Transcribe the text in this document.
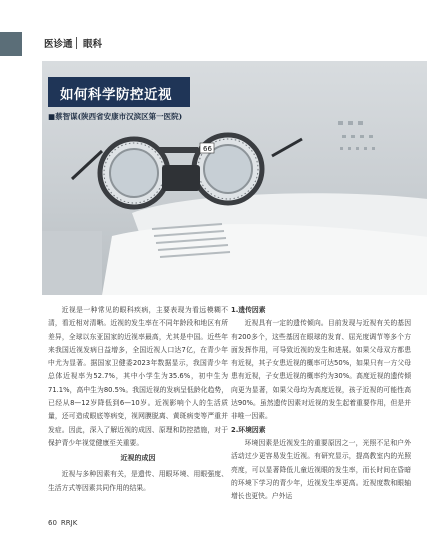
医诊通 眼科
66
如何科学防控近视
■蔡智谋(陕西省安康市汉滨区第一医院)

近视是一种常见的眼科疾病，主要表现为看远模糊不清，看近相对清晰。近视的发生率在不同年龄段和地区有所差异，全球以东亚国家的近视率最高，尤其是中国。近些年来我国近视发病日益增多，全国近视人口达7亿，在青少年中尤为显著。据国家卫健委2023年数据显示，我国青少年总体近视率为52.7%，其中小学生为35.6%，初中生为71.1%，高中生为80.5%。我国近视的发病呈低龄化趋势，已经从8—12岁降低到6—10岁。近视影响个人的生活质量，还可造成眼底等病变，视网膜脱离、黄斑病变等严重并发症。因此，深入了解近视的成因、原理和防控措施，对于保护青少年视觉健康至关重要。

近视的成因

近视与多种因素有关，是遗传、用眼环境、用眼强度、生活方式等因素共同作用的结果。

1.遗传因素

近视具有一定的遗传倾向。目前发现与近视有关的基因有200多个，这些基因在眼球的发育、屈光度调节等多个方面发挥作用，可导致近视的发生和进展。如果父母双方都患有近视，其子女患近视的概率可达50%，如果只有一方父母患有近视，子女患近视的概率约为30%。高度近视的遗传倾向更为显著，如果父母均为高度近视，孩子近视的可能性高达90%。虽然遗传因素对近视的发生起着重要作用，但是并非唯一因素。

2.环境因素

环境因素是近视发生的重要原因之一，光照不足和户外活动过少更容易发生近视。有研究显示，提高教室内的光照亮度，可以显著降低儿童近视眼的发生率，而长时间在昏暗的环境下学习的青少年，近视发生率更高。近视度数和眼轴增长也更快。户外运

60 RRJK
